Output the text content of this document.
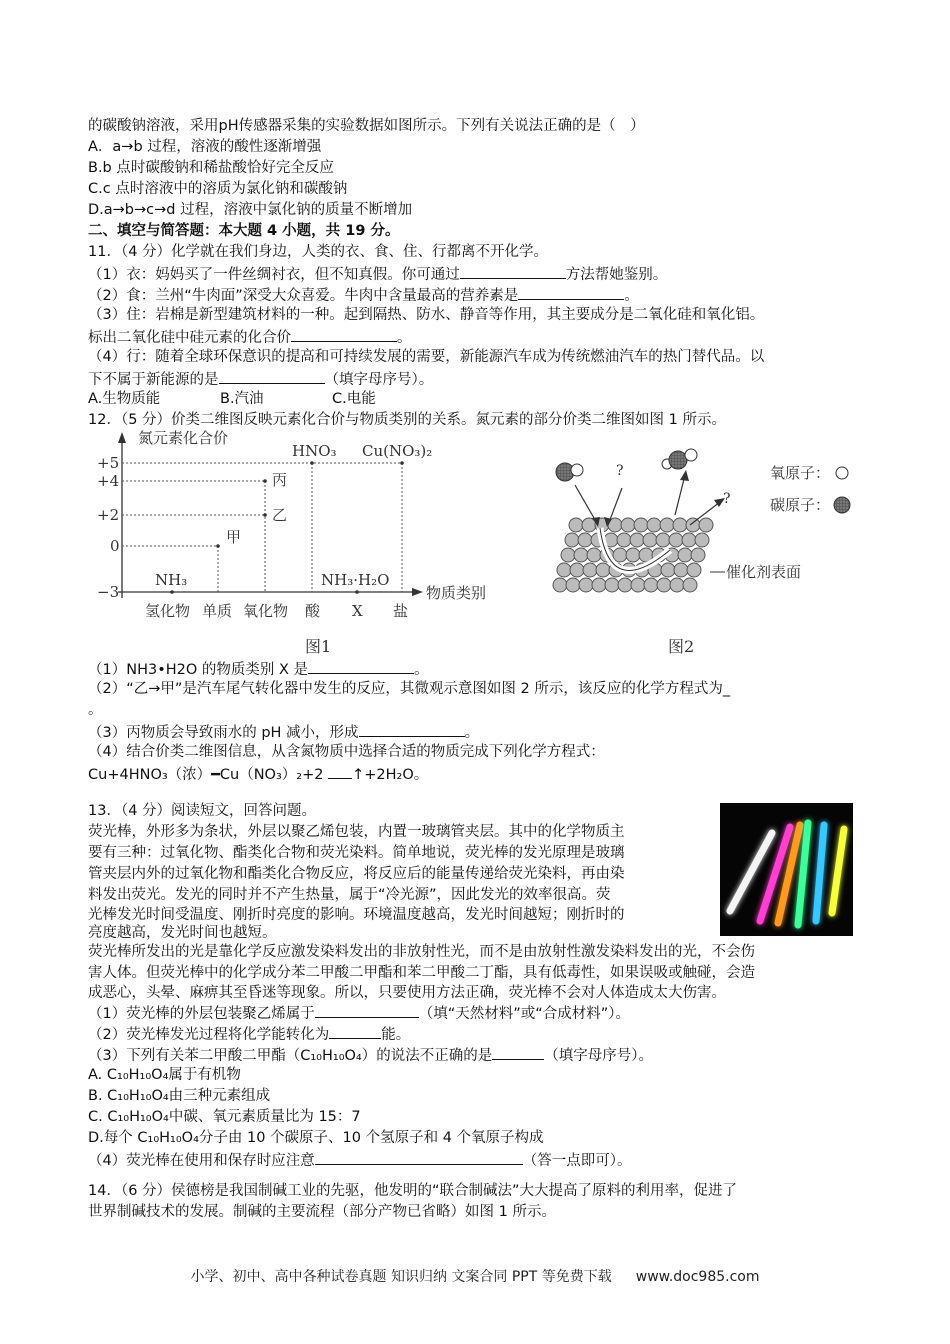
的碳酸钠溶液，采用pH传感器采集的实验数据如图所示。下列有关说法正确的是（　）
A．a→b 过程，溶液的酸性逐渐增强
B.b 点时碳酸钠和稀盐酸恰好完全反应
C.c 点时溶液中的溶质为氯化钠和碳酸钠
D.a→b→c→d 过程，溶液中氯化钠的质量不断增加
二、填空与简答题：本大题 4 小题，共 19 分。
11．（4 分）化学就在我们身边，人类的衣、食、住、行都离不开化学。
（1）衣：妈妈买了一件丝绸衬衣，但不知真假。你可通过	方法帮她鉴别。
（2）食：兰州“牛肉面”深受大众喜爱。牛肉中含量最高的营养素是	。
（3）住：岩棉是新型建筑材料的一种。起到隔热、防水、静音等作用，其主要成分是二氧化硅和氧化铝。
标出二氧化硅中硅元素的化合价	。
（4）行：随着全球环保意识的提高和可持续发展的需要，新能源汽车成为传统燃油汽车的热门替代品。以
下不属于新能源的是	（填字母序号）。
A.生物质能	B.汽油	C.电能
12．（5 分）价类二维图反映元素化合价与物质类别的关系。氮元素的部分价类二维图如图 1 所示。
氮元素化合价
物质类别
+5
+4
+2
0
−3
氢化物 单质 氧化物 酸 X 盐
NH₃
甲
乙
丙
HNO₃
NH₃·H₂O
Cu(NO₃)₂
图1
?
?
氧原子：
碳原子：
催化剂表面
图2
（1）NH3•H2O 的物质类别 X 是	。
（2）“乙→甲”是汽车尾气转化器中发生的反应，其微观示意图如图 2 所示，该反应的化学方程式为_
。
（3）丙物质会导致雨水的 pH 减小，形成	。
（4）结合价类二维图信息，从含氮物质中选择合适的物质完成下列化学方程式：
Cu+4HNO₃（浓）━Cu（NO₃）₂+2 ↑+2H₂O。
13．（4 分）阅读短文，回答问题。
荧光棒，外形多为条状，外层以聚乙烯包装，内置一玻璃管夹层。其中的化学物质主
要有三种：过氧化物、酯类化合物和荧光染料。简单地说，荧光棒的发光原理是玻璃
管夹层内外的过氧化物和酯类化合物反应，将反应后的能量传递给荧光染料，再由染
料发出荧光。发光的同时并不产生热量，属于“冷光源”，因此发光的效率很高。荧
光棒发光时间受温度、刚折时亮度的影响。环境温度越高，发光时间越短；刚折时的
亮度越高，发光时间也越短。
荧光棒所发出的光是靠化学反应激发染料发出的非放射性光，而不是由放射性激发染料发出的光，不会伤
害人体。但荧光棒中的化学成分苯二甲酸二甲酯和苯二甲酸二丁酯，具有低毒性，如果误吸或触碰，会造
成恶心，头晕、麻痹其至昏迷等现象。所以，只要使用方法正确，荧光棒不会对人体造成太大伤害。
（1）荧光棒的外层包装聚乙烯属于	（填“天然材料”或“合成材料”）。
（2）荧光棒发光过程将化学能转化为	能。
（3）下列有关苯二甲酸二甲酯（C₁₀H₁₀O₄）的说法不正确的是	（填字母序号）。
A. C₁₀H₁₀O₄属于有机物
B. C₁₀H₁₀O₄由三种元素组成
C. C₁₀H₁₀O₄中碳、氧元素质量比为 15：7
D.每个 C₁₀H₁₀O₄分子由 10 个碳原子、10 个氢原子和 4 个氧原子构成
（4）荧光棒在使用和保存时应注意	（答一点即可）。
14．（6 分）侯德榜是我国制碱工业的先驱，他发明的“联合制碱法”大大提高了原料的利用率，促进了
世界制碱技术的发展。制碱的主要流程（部分产物已省略）如图 1 所示。
小学、初中、高中各种试卷真题 知识归纳 文案合同 PPT 等免费下载 www.doc985.com
